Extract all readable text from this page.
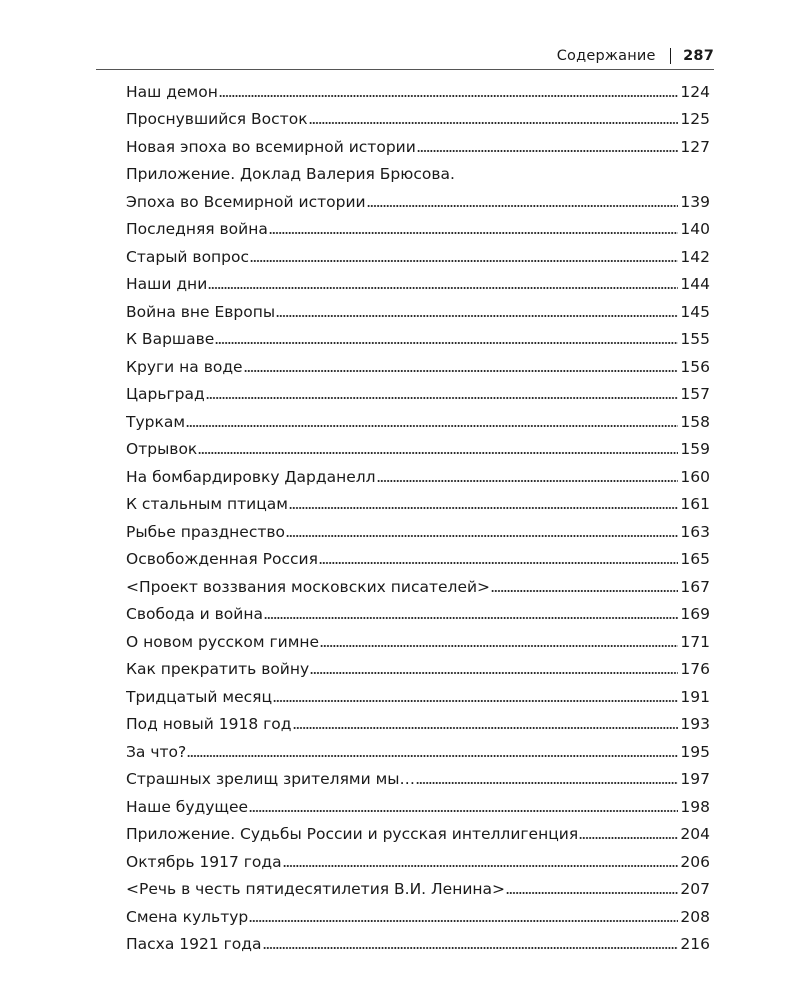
Содержание 287
Наш демон	124
Проснувшийся Восток	125
Новая эпоха во всемирной истории	127
Приложение. Доклад Валерия Брюсова.
Эпоха во Всемирной истории	139
Последняя война	140
Старый вопрос	142
Наши дни	144
Война вне Европы	145
К Варшаве	155
Круги на воде	156
Царьград	157
Туркам	158
Отрывок	159
На бомбардировку Дарданелл	160
К стальным птицам	161
Рыбье празднество	163
Освобожденная Россия	165
<Проект воззвания московских писателей>	167
Свобода и война	169
О новом русском гимне	171
Как прекратить войну	176
Тридцатый месяц	191
Под новый 1918 год	193
За что?	195
Страшных зрелищ зрителями мы…	197
Наше будущее	198
Приложение. Судьбы России и русская интеллигенция	204
Октябрь 1917 года	206
<Речь в честь пятидесятилетия В.И. Ленина>	207
Смена культур	208
Пасха 1921 года	216
